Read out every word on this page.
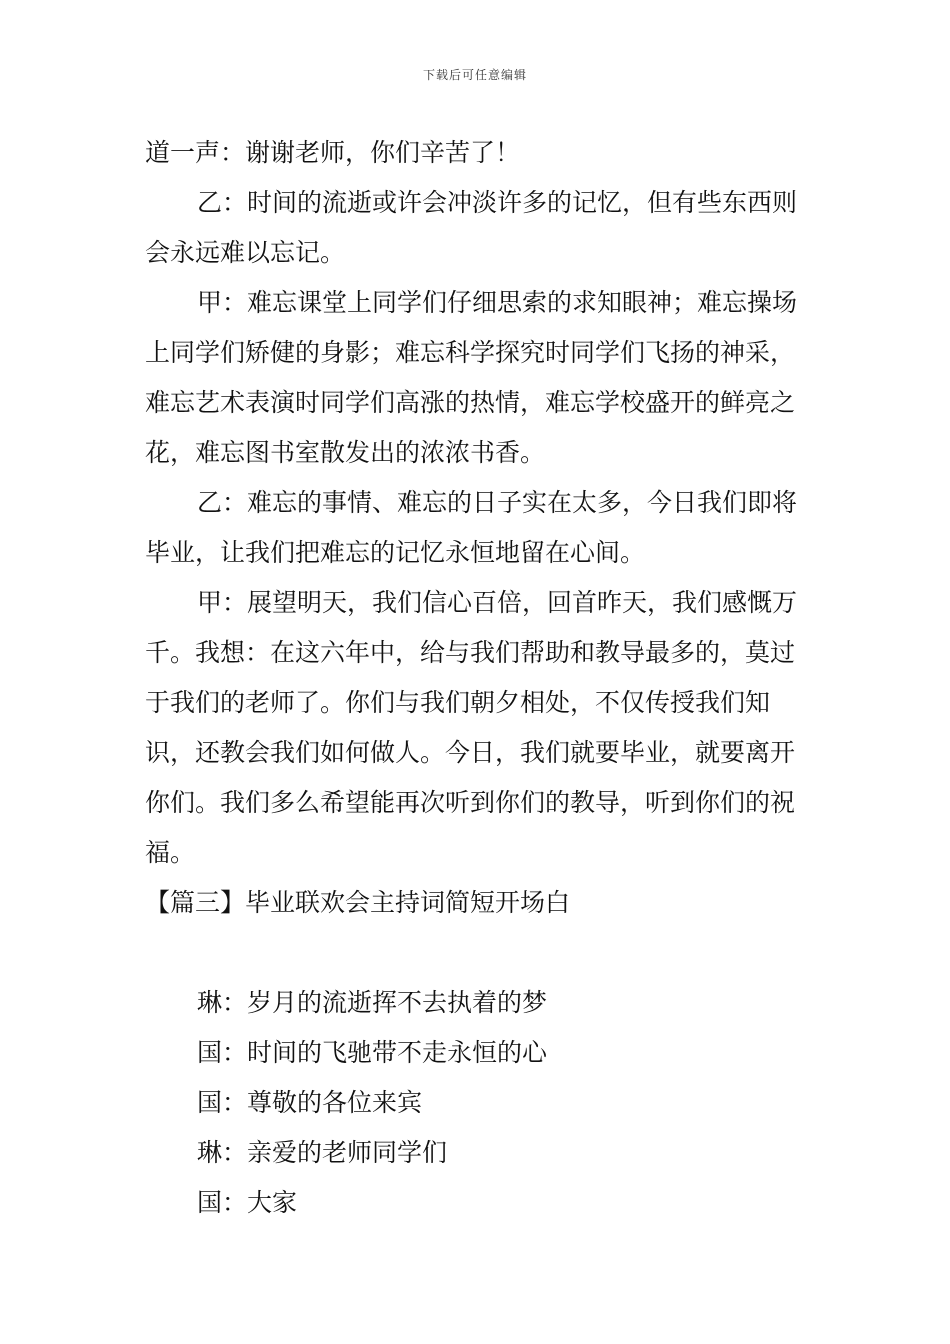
下载后可任意编辑

道一声：谢谢老师，你们辛苦了！

乙：时间的流逝或许会冲淡许多的记忆，但有些东西则会永远难以忘记。

甲：难忘课堂上同学们仔细思索的求知眼神；难忘操场上同学们矫健的身影；难忘科学探究时同学们飞扬的神采，难忘艺术表演时同学们高涨的热情，难忘学校盛开的鲜亮之花，难忘图书室散发出的浓浓书香。

乙：难忘的事情、难忘的日子实在太多，今日我们即将毕业，让我们把难忘的记忆永恒地留在心间。

甲：展望明天，我们信心百倍，回首昨天，我们感慨万千。我想：在这六年中，给与我们帮助和教导最多的，莫过于我们的老师了。你们与我们朝夕相处，不仅传授我们知识，还教会我们如何做人。今日，我们就要毕业，就要离开你们。我们多么希望能再次听到你们的教导，听到你们的祝福。

【篇三】毕业联欢会主持词简短开场白

琳：岁月的流逝挥不去执着的梦

国：时间的飞驰带不走永恒的心

国：尊敬的各位来宾

琳：亲爱的老师同学们

国：大家
